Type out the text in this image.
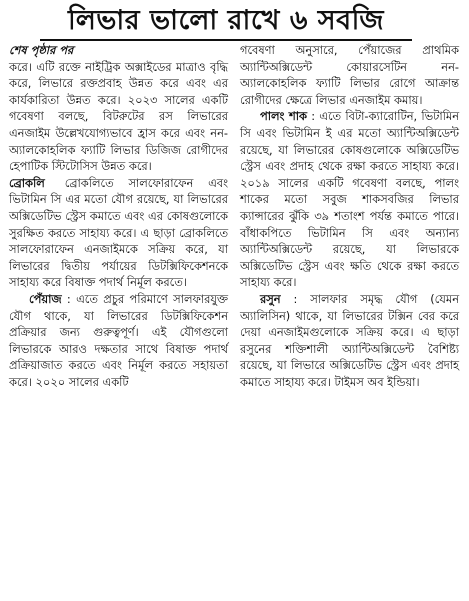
লিভার ভালো রাখে ৬ সবজি

শেষ পৃষ্ঠার পর

করে। এটি রক্তে নাইট্রিক অক্সাইডের মাত্রাও বৃদ্ধি করে, লিভারে রক্তপ্রবাহ উন্নত করে এবং এর কার্যকারিতা উন্নত করে। ২০২৩ সালের একটি গবেষণা বলছে, বিটরুটের রস লিভারের এনজাইম উল্লেখযোগ্যভাবে হ্রাস করে এবং নন-অ্যালকোহলিক ফ্যাটি লিভার ডিজিজ রোগীদের হেপাটিক স্টিটোসিস উন্নত করে।

ব্রোকলি ব্রোকলিতে সালফোরাফেন এবং ভিটামিন সি এর মতো যৌগ রয়েছে, যা লিভারের অক্সিডেটিভ স্ট্রেস কমাতে এবং এর কোষগুলোকে সুরক্ষিত করতে সাহায্য করে। এ ছাড়া ব্রোকলিতে সালফোরাফেন এনজাইমকে সক্রিয় করে, যা লিভারের দ্বিতীয় পর্যায়ের ডিটক্সিফিকেশনকে সাহায্য করে বিষাক্ত পদার্থ নির্মূল করতে।

পেঁয়াজ : এতে প্রচুর পরিমাণে সালফারযুক্ত যৌগ থাকে, যা লিভারের ডিটক্সিফিকেশন প্রক্রিয়ার জন্য গুরুত্বপূর্ণ। এই যৌগগুলো লিভারকে আরও দক্ষতার সাথে বিষাক্ত পদার্থ প্রক্রিয়াজাত করতে এবং নির্মূল করতে সহায়তা করে। ২০২০ সালের একটি

গবেষণা অনুসারে, পেঁয়াজের প্রাথমিক অ্যান্টিঅক্সিডেন্ট কোয়ারসেটিন নন-অ্যালকোহলিক ফ্যাটি লিভার রোগে আক্রান্ত রোগীদের ক্ষেত্রে লিভার এনজাইম কমায়।

পালং শাক : এতে বিটা-ক্যারোটিন, ভিটামিন সি এবং ভিটামিন ই এর মতো অ্যান্টিঅক্সিডেন্ট রয়েছে, যা লিভারের কোষগুলোকে অক্সিডেটিভ স্ট্রেস এবং প্রদাহ থেকে রক্ষা করতে সাহায্য করে। ২০১৯ সালের একটি গবেষণা বলছে, পালং শাকের মতো সবুজ শাকসবজির লিভার ক্যান্সারের ঝুঁকি ৩৯ শতাংশ পর্যন্ত কমাতে পারে। বাঁধাকপিতে ভিটামিন সি এবং অন্যান্য অ্যান্টিঅক্সিডেন্ট রয়েছে, যা লিভারকে অক্সিডেটিভ স্ট্রেস এবং ক্ষতি থেকে রক্ষা করতে সাহায্য করে।

রসুন : সালফার সমৃদ্ধ যৌগ (যেমন অ্যালিসিন) থাকে, যা লিভারের টক্সিন বের করে দেয়া এনজাইমগুলোকে সক্রিয় করে। এ ছাড়া রসুনের শক্তিশালী অ্যান্টিঅক্সিডেন্ট বৈশিষ্ট্য রয়েছে, যা লিভারে অক্সিডেটিভ স্ট্রেস এবং প্রদাহ কমাতে সাহায্য করে। টাইমস অব ইন্ডিয়া।
